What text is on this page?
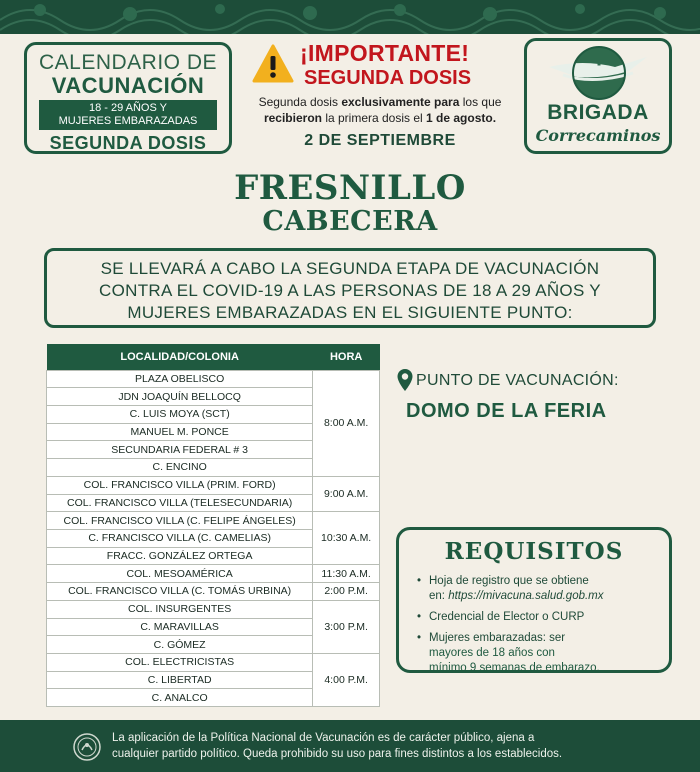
CALENDARIO DE
VACUNACIÓN
18 - 29 AÑOS Y
MUJERES EMBARAZADAS
SEGUNDA DOSIS
¡IMPORTANTE!
SEGUNDA DOSIS
Segunda dosis exclusivamente para los que
recibieron la primera dosis el 1 de agosto.
2 DE SEPTIEMBRE
BRIGADA
Correcaminos
FRESNILLO
CABECERA
SE LLEVARÁ A CABO LA SEGUNDA ETAPA DE VACUNACIÓN
CONTRA EL COVID-19 A LAS PERSONAS DE 18 A 29 AÑOS Y
MUJERES EMBARAZADAS EN EL SIGUIENTE PUNTO:
LOCALIDAD/COLONIA	HORA
PLAZA OBELISCO	8:00 A.M.
JDN JOAQUÍN BELLOCQ	
C. LUIS MOYA (SCT)	
MANUEL M. PONCE	
SECUNDARIA FEDERAL # 3	
C. ENCINO	
COL. FRANCISCO VILLA (PRIM. FORD)	9:00 A.M.
COL. FRANCISCO VILLA (TELESECUNDARIA)	
COL. FRANCISCO VILLA (C. FELIPE ÁNGELES)	10:30 A.M.
C. FRANCISCO VILLA (C. CAMELIAS)	
FRACC. GONZÁLEZ ORTEGA	
COL. MESOAMÉRICA	11:30 A.M.
COL. FRANCISCO VILLA (C. TOMÁS URBINA)	2:00 P.M.
COL. INSURGENTES	3:00 P.M.
C. MARAVILLAS	
C. GÓMEZ	
COL. ELECTRICISTAS	4:00 P.M.
C. LIBERTAD	
C. ANALCO	
PUNTO DE VACUNACIÓN:
DOMO DE LA FERIA
REQUISITOS
• Hoja de registro que se obtiene
en: https://mivacuna.salud.gob.mx
• Credencial de Elector o CURP
• Mujeres embarazadas: ser
mayores de 18 años con
mínimo 9 semanas de embarazo.
La aplicación de la Política Nacional de Vacunación es de carácter público, ajena a
cualquier partido político. Queda prohibido su uso para fines distintos a los establecidos.
